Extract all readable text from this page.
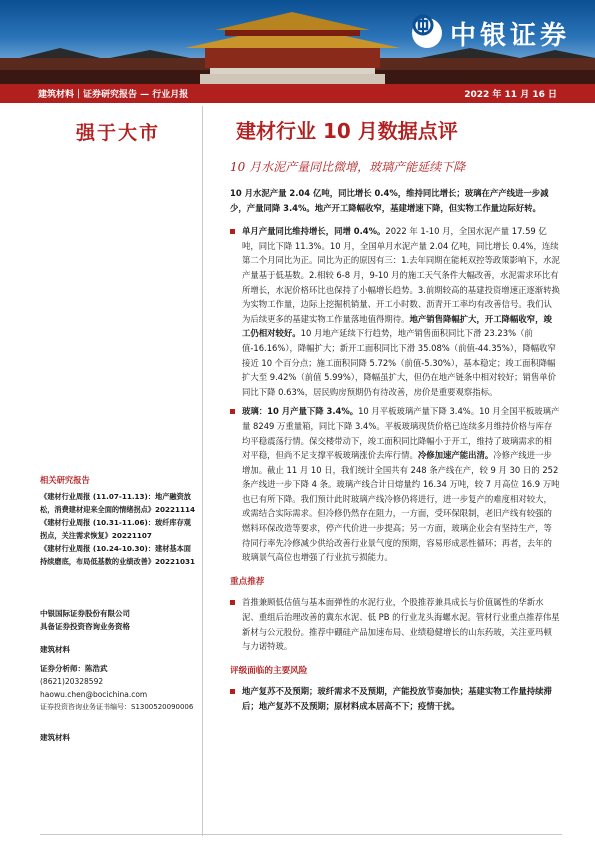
中银证券
建筑材料｜证券研究报告 — 行业月报	2022 年 11 月 16 日
强于大市	建材行业 10 月数据点评
10 月水泥产量同比微增，玻璃产能延续下降

10 月水泥产量 2.04 亿吨，同比增长 0.4%，维持同比增长；玻璃在产产线进一步减少，产量同降 3.4%。地产开工降幅收窄，基建增速下降，但实物工作量边际好转。

单月产量同比维持增长，同增 0.4%。2022 年 1-10 月，全国水泥产量 17.59 亿吨，同比下降 11.3%。10 月，全国单月水泥产量 2.04 亿吨，同比增长 0.4%，连续第二个月同比为正。同比为正的原因有三：1.去年同期在能耗双控等政策影响下，水泥产量基于低基数。2.相较 6-8 月，9-10 月的施工天气条件大幅改善，水泥需求环比有所增长，水泥价格环比也保持了小幅增长趋势。3.前期较高的基建投资增速正逐渐转换为实物工作量，边际上挖掘机销量、开工小时数、沥青开工率均有改善信号。我们认为后续更多的基建实物工作量落地值得期待。地产销售降幅扩大，开工降幅收窄，竣工仍相对较好。10 月地产延续下行趋势，地产销售面积同比下滑 23.23%（前值-16.16%），降幅扩大；新开工面积同比下滑 35.08%（前值-44.35%），降幅收窄接近 10 个百分点；施工面积同降 5.72%（前值-5.30%），基本稳定；竣工面积降幅扩大至 9.42%（前值 5.99%），降幅虽扩大，但仍在地产链条中相对较好；销售单价同比下降 0.63%，居民购房预期仍有待改善，房价是重要观察指标。

玻璃：10 月产量下降 3.4%。10 月平板玻璃产量下降 3.4%。10 月全国平板玻璃产量 8249 万重量箱，同比下降 3.4%。平板玻璃现货价格已连续多月维持价格与库存均平稳震荡行情。保交楼带动下，竣工面积同比降幅小于开工，维持了玻璃需求的相对平稳，但尚不足支撑平板玻璃涨价去库行情。冷修加速产能出清。冷修产线进一步增加。截止 11 月 10 日，我们统计全国共有 248 条产线在产，较 9 月 30 日的 252 条产线进一步下降 4 条。玻璃产线合计日熔量约 16.34 万吨，较 7 月高位 16.9 万吨也已有所下降。我们预计此时玻璃产线冷修仍将进行，进一步复产的难度相对较大，或需结合实际需求。但冷修仍然存在阻力，一方面，受环保限制，老旧产线有较强的燃料环保改造等要求，停产代价进一步提高；另一方面，玻璃企业会有坚持生产，等待同行率先冷修减少供给改善行业景气度的预期，容易形成恶性循环；再者，去年的玻璃景气高位也增强了行业抗亏损能力。

重点推荐

首推兼顾低估值与基本面弹性的水泥行业，个股推荐兼具成长与价值属性的华新水泥、重组后治理改善的冀东水泥、低 PB 的行业龙头海螺水泥。管材行业重点推荐伟星新材与公元股份。推荐中硼硅产品加速布局、业绩稳健增长的山东药玻，关注亚玛顿与力诺特玻。

评级面临的主要风险

地产复苏不及预期；玻纤需求不及预期，产能投放节奏加快；基建实物工作量持续滞后；地产复苏不及预期；原材料成本居高不下；疫情干扰。

相关研究报告

《建材行业周报 (11.07-11.13)：地产融资放松，消费建材迎来全面的情绪拐点》20221114

《建材行业周报 (10.31-11.06)：玻纤库存观拐点，关注需求恢复》20221107

《建材行业周报 (10.24-10.30)：建材基本面持续磨底，布局低基数的业绩改善》20221031

中银国际证券股份有限公司

具备证券投资咨询业务资格

建筑材料

证券分析师：陈浩武

(8621)20328592

haowu.chen@bocichina.com

证券投资咨询业务证书编号：S1300520090006

建筑材料
